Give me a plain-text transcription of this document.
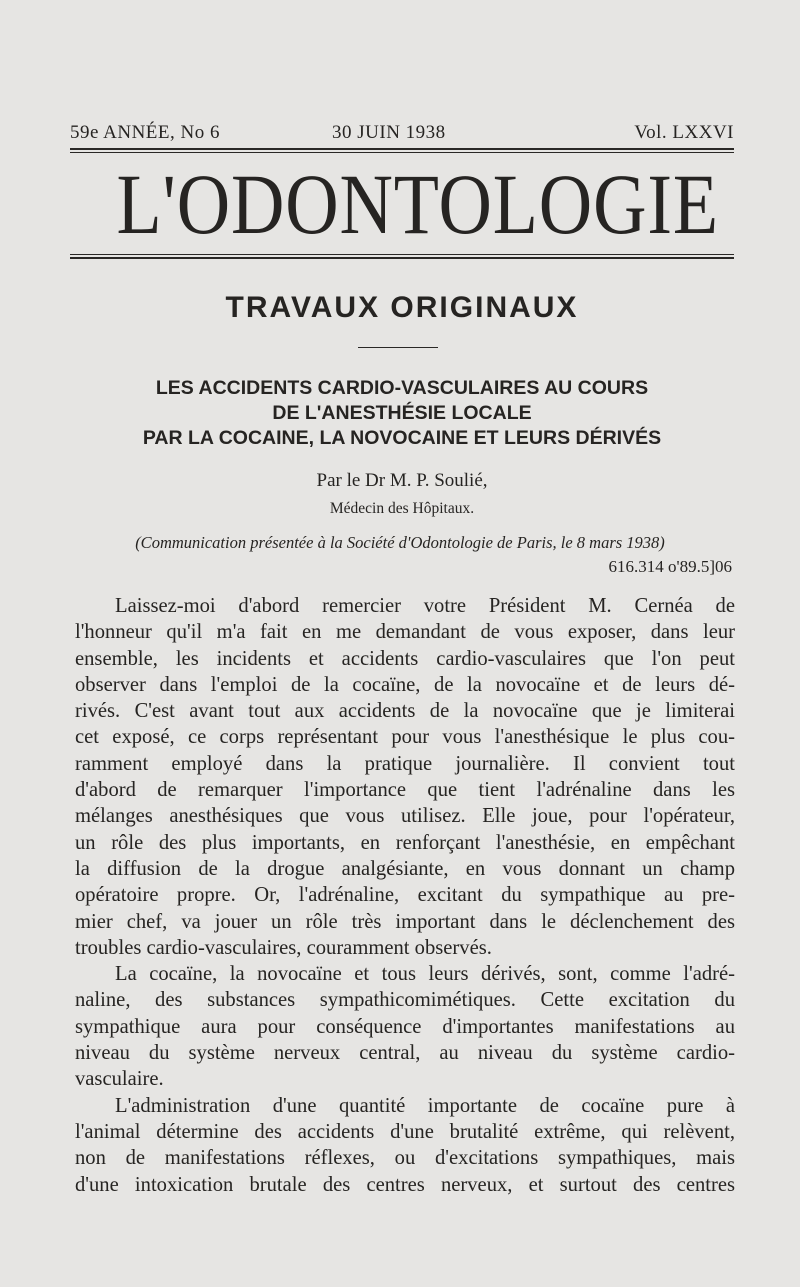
59e ANNÉE, No 6	30 JUIN 1938	Vol. LXXVI
L'ODONTOLOGIE
TRAVAUX ORIGINAUX
LES ACCIDENTS CARDIO-VASCULAIRES AU COURS
DE L'ANESTHÉSIE LOCALE
PAR LA COCAINE, LA NOVOCAINE ET LEURS DÉRIVÉS
Par le Dr M. P. Soulié,
Médecin des Hôpitaux.
(Communication présentée à la Société d'Odontologie de Paris, le 8 mars 1938)
616.314 o'89.5]06
Laissez-moi d'abord remercier votre Président M. Cernéa de
l'honneur qu'il m'a fait en me demandant de vous exposer, dans leur
ensemble, les incidents et accidents cardio-vasculaires que l'on peut
observer dans l'emploi de la cocaïne, de la novocaïne et de leurs dé-
rivés. C'est avant tout aux accidents de la novocaïne que je limiterai
cet exposé, ce corps représentant pour vous l'anesthésique le plus cou-
ramment employé dans la pratique journalière. Il convient tout
d'abord de remarquer l'importance que tient l'adrénaline dans les
mélanges anesthésiques que vous utilisez. Elle joue, pour l'opérateur,
un rôle des plus importants, en renforçant l'anesthésie, en empêchant
la diffusion de la drogue analgésiante, en vous donnant un champ
opératoire propre. Or, l'adrénaline, excitant du sympathique au pre-
mier chef, va jouer un rôle très important dans le déclenchement des
troubles cardio-vasculaires, couramment observés.
La cocaïne, la novocaïne et tous leurs dérivés, sont, comme l'adré-
naline, des substances sympathicomimétiques. Cette excitation du
sympathique aura pour conséquence d'importantes manifestations au
niveau du système nerveux central, au niveau du système cardio-
vasculaire.
L'administration d'une quantité importante de cocaïne pure à
l'animal détermine des accidents d'une brutalité extrême, qui relèvent,
non de manifestations réflexes, ou d'excitations sympathiques, mais
d'une intoxication brutale des centres nerveux, et surtout des centres
